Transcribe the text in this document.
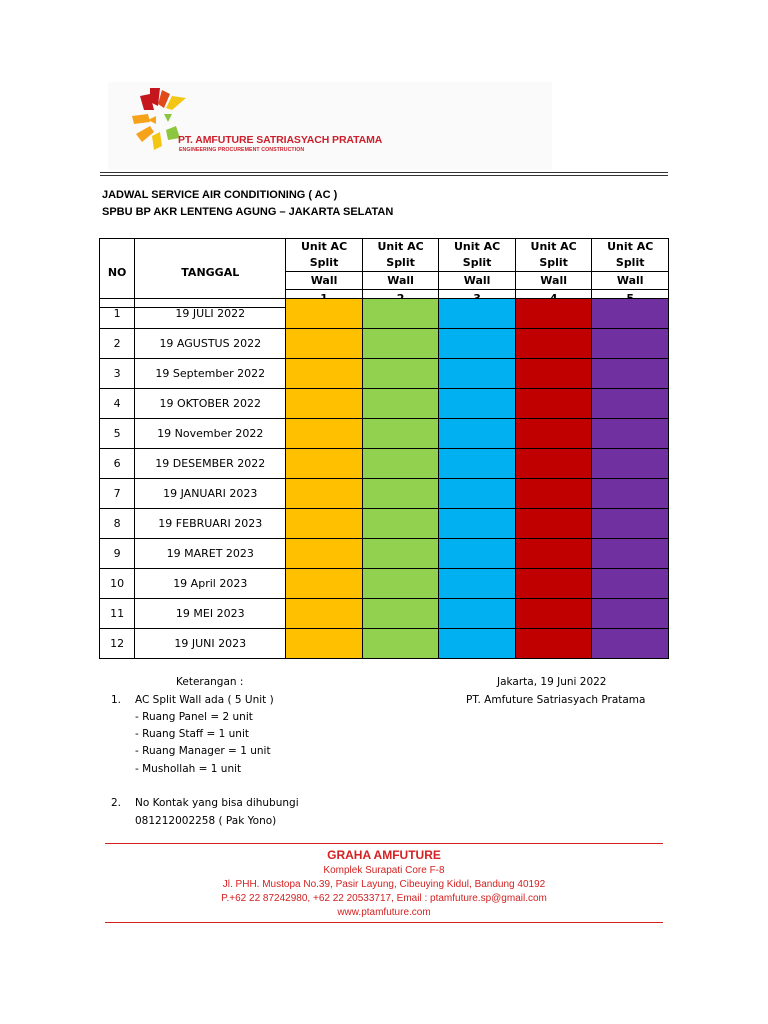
PT. AMFUTURE SATRIASYACH PRATAMA
ENGINEERING PROCUREMENT CONSTRUCTION
JADWAL SERVICE AIR CONDITIONING ( AC )
SPBU BP AKR LENTENG AGUNG – JAKARTA SELATAN
NO	TANGGAL	Unit AC Split	Unit AC Split	Unit AC Split	Unit AC Split	Unit AC Split
		Wall	Wall	Wall	Wall	Wall

1	19 JULI 2022					
2	19 AGUSTUS 2022					
3	19 September 2022					
4	19 OKTOBER 2022					
5	19 November 2022					
6	19 DESEMBER 2022					
7	19 JANUARI 2023					
8	19 FEBRUARI 2023					
9	19 MARET 2023					
10	19 April 2023					
11	19 MEI 2023					
12	19 JUNI 2023					
Keterangan :
1. AC Split Wall ada ( 5 Unit )
- Ruang Panel = 2 unit
- Ruang Staff = 1 unit
- Ruang Manager = 1 unit
- Mushollah = 1 unit
2. No Kontak yang bisa dihubungi
081212002258 ( Pak Yono)
Jakarta, 19 Juni 2022
PT. Amfuture Satriasyach Pratama
GRAHA AMFUTURE
Komplek Surapati Core F-8
Jl. PHH. Mustopa No.39, Pasir Layung, Cibeuying Kidul, Bandung 40192
P.+62 22 87242980, +62 22 20533717, Email : ptamfuture.sp@gmail.com
www.ptamfuture.com
